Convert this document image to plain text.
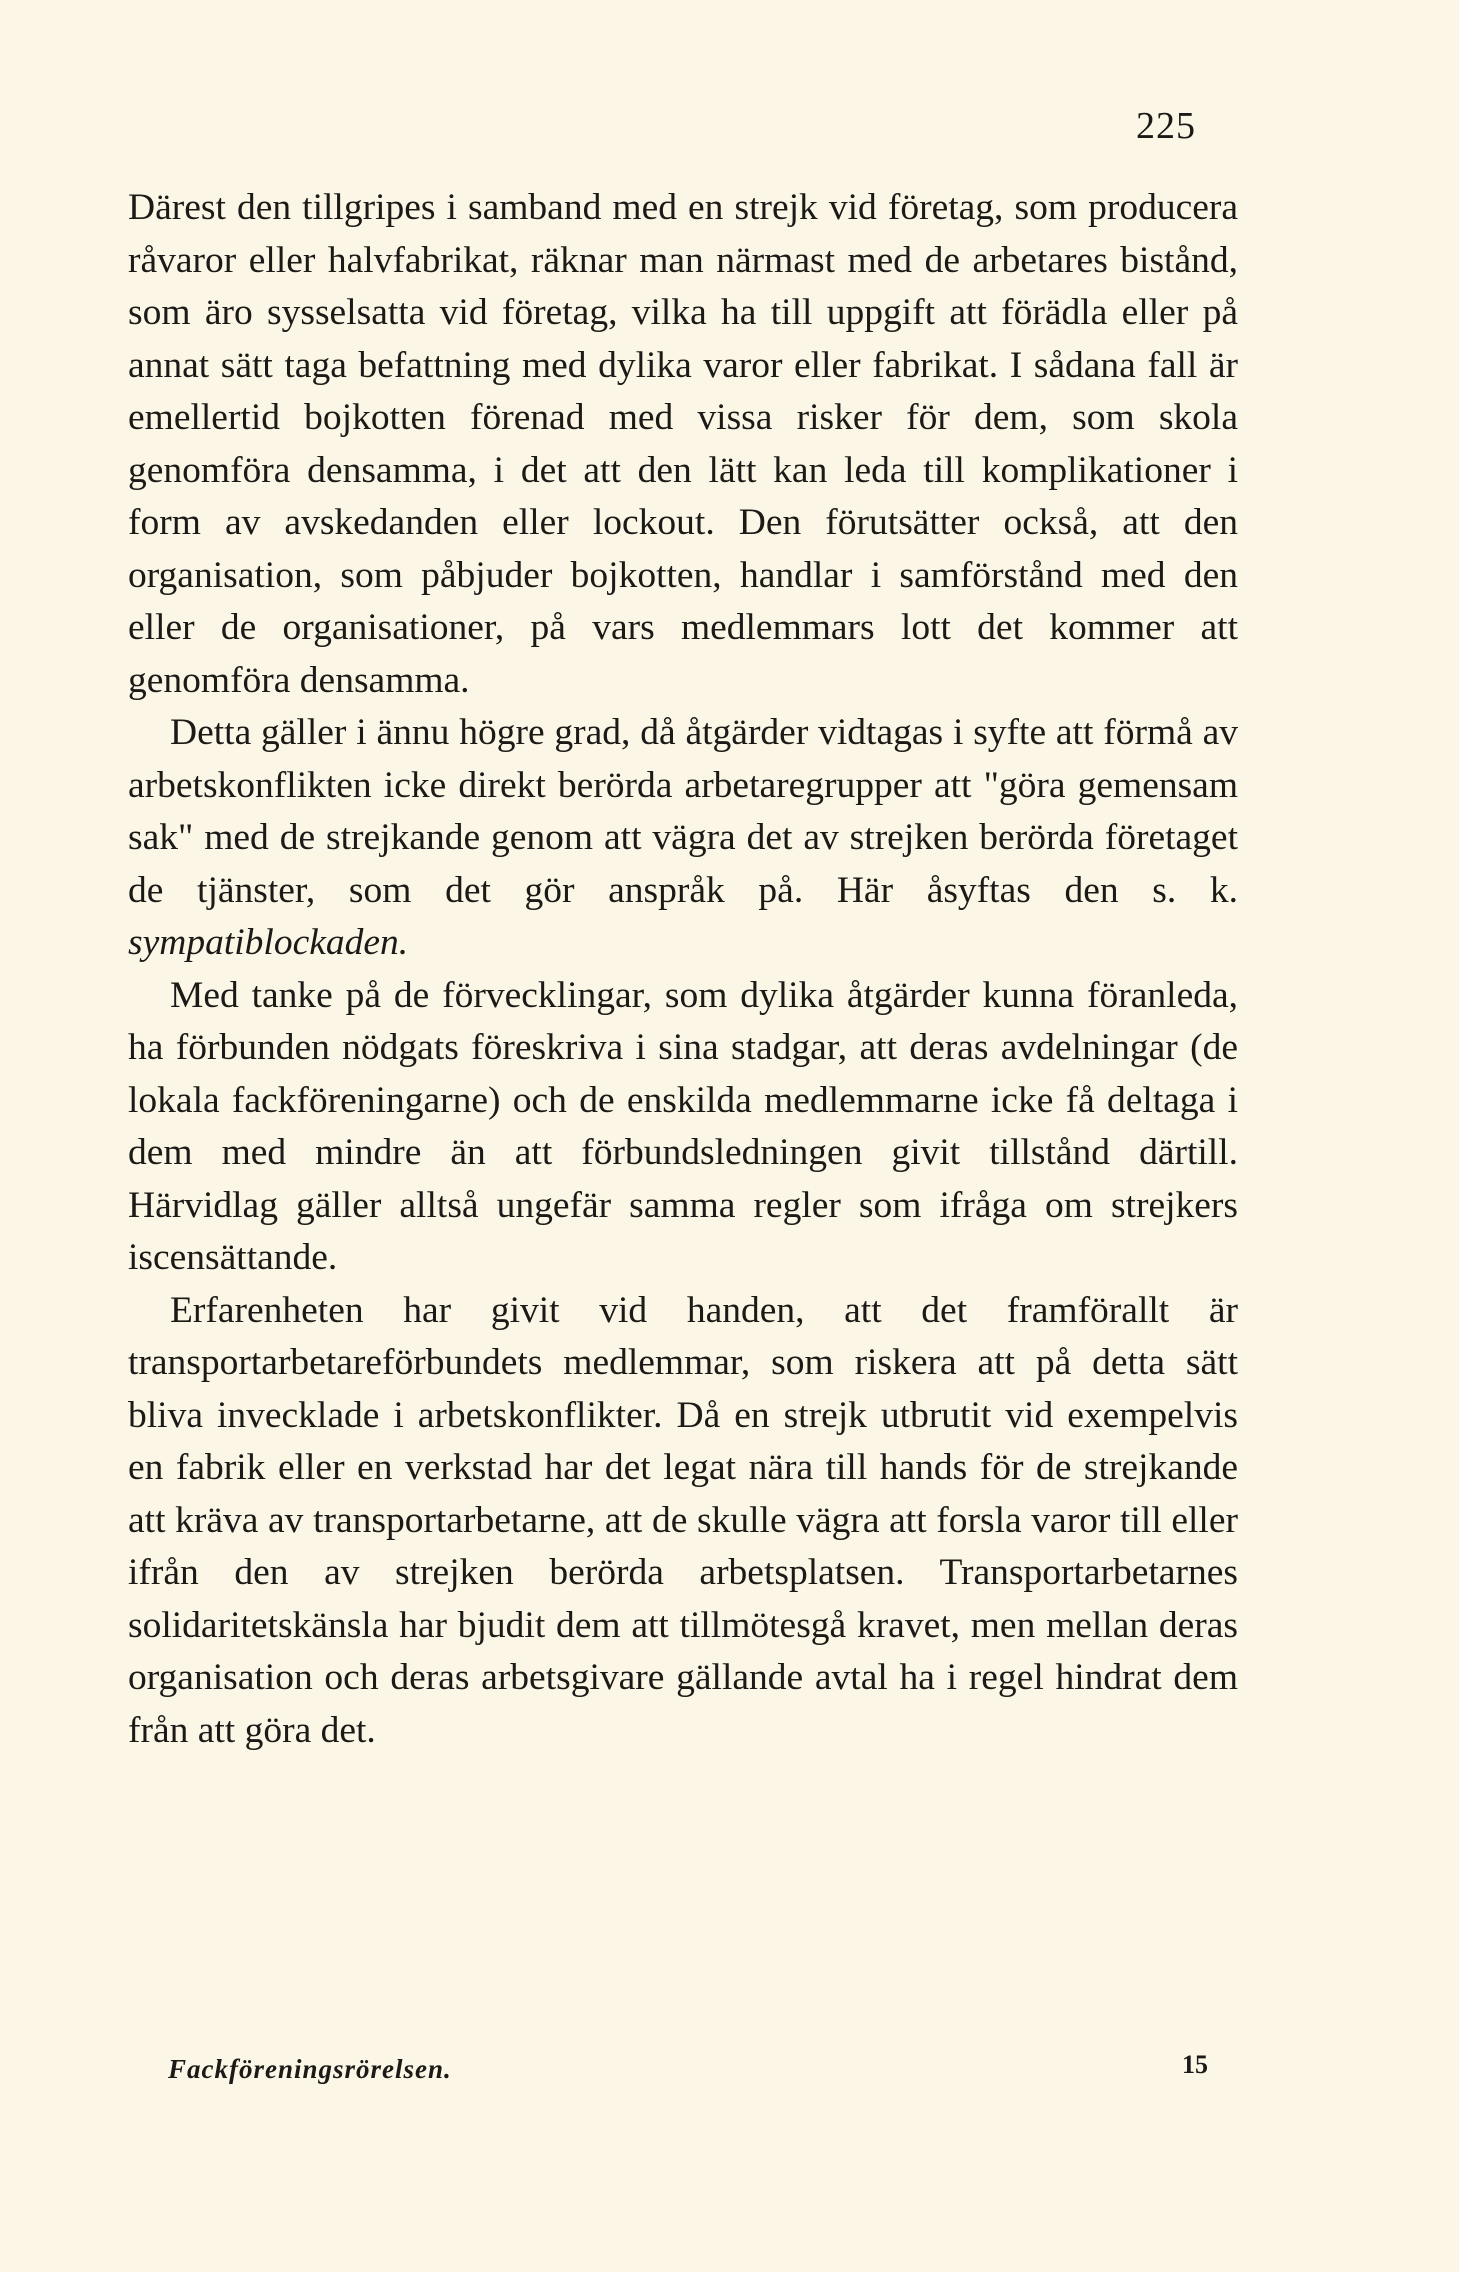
225

Därest den tillgripes i samband med en strejk vid företag, som producera råvaror eller halvfabrikat, räknar man närmast med de arbetares bistånd, som äro sysselsatta vid företag, vilka ha till uppgift att förädla eller på annat sätt taga befattning med dylika varor eller fabrikat. I sådana fall är emellertid bojkotten förenad med vissa risker för dem, som skola genomföra densamma, i det att den lätt kan leda till komplikationer i form av avskedanden eller lockout. Den förutsätter också, att den organisation, som påbjuder bojkotten, handlar i samförstånd med den eller de organisationer, på vars medlemmars lott det kommer att genomföra densamma.

Detta gäller i ännu högre grad, då åtgärder vidtagas i syfte att förmå av arbetskonflikten icke direkt berörda arbetaregrupper att "göra gemensam sak" med de strejkande genom att vägra det av strejken berörda företaget de tjänster, som det gör anspråk på. Här åsyftas den s. k. sympatiblockaden.

Med tanke på de förvecklingar, som dylika åtgärder kunna föranleda, ha förbunden nödgats föreskriva i sina stadgar, att deras avdelningar (de lokala fackföreningarne) och de enskilda medlemmarne icke få deltaga i dem med mindre än att förbundsledningen givit tillstånd därtill. Härvidlag gäller alltså ungefär samma regler som ifråga om strejkers iscensättande.

Erfarenheten har givit vid handen, att det framförallt är transportarbetareförbundets medlemmar, som riskera att på detta sätt bliva invecklade i arbetskonflikter. Då en strejk utbrutit vid exempelvis en fabrik eller en verkstad har det legat nära till hands för de strejkande att kräva av transportarbetarne, att de skulle vägra att forsla varor till eller ifrån den av strejken berörda arbetsplatsen. Transportarbetarnes solidaritetskänsla har bjudit dem att tillmötesgå kravet, men mellan deras organisation och deras arbetsgivare gällande avtal ha i regel hindrat dem från att göra det.

Fackföreningsrörelsen.	15
